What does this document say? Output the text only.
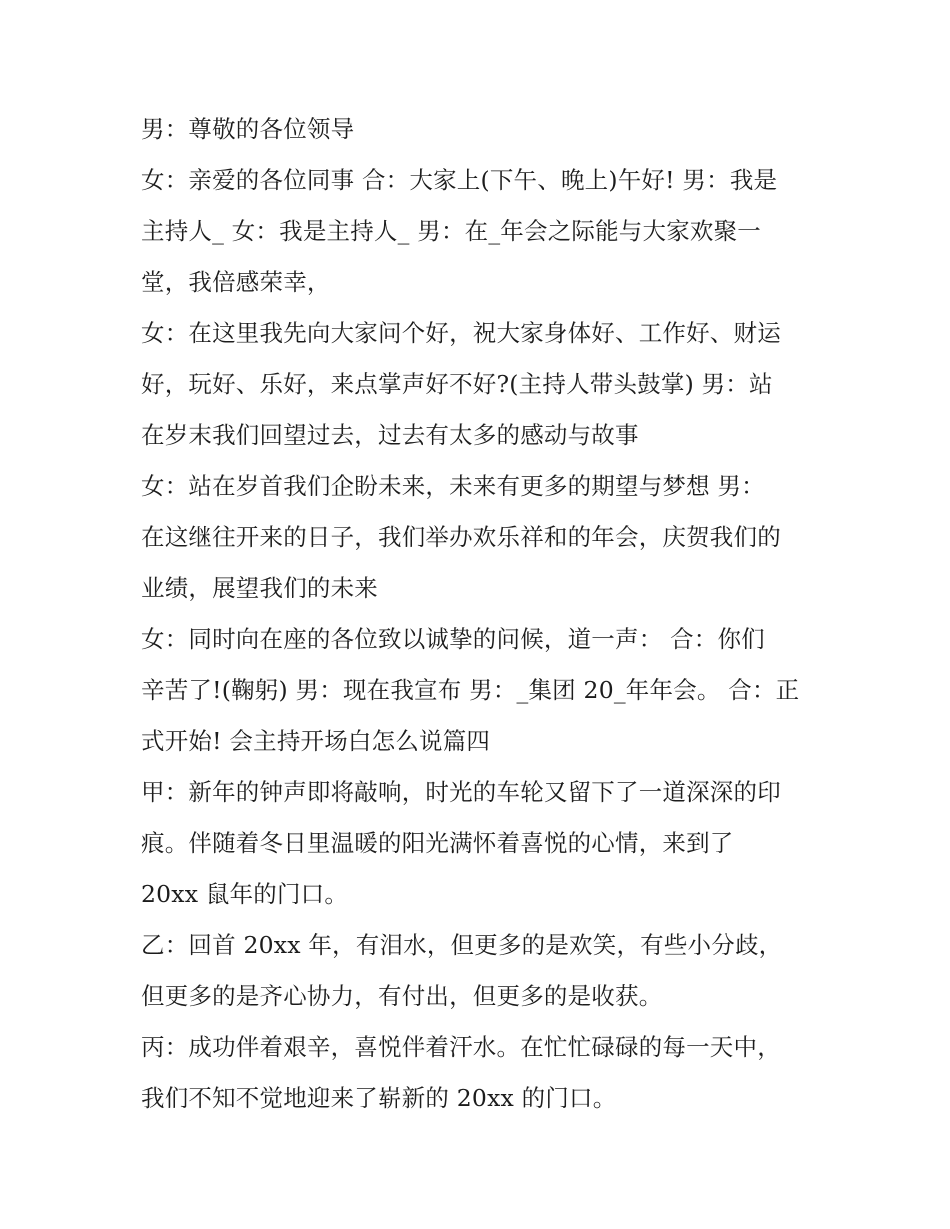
男：尊敬的各位领导
女：亲爱的各位同事 合：大家上(下午、晚上)午好! 男：我是
主持人_ 女：我是主持人_ 男：在_年会之际能与大家欢聚一
堂，我倍感荣幸，
女：在这里我先向大家问个好，祝大家身体好、工作好、财运
好，玩好、乐好，来点掌声好不好?(主持人带头鼓掌) 男：站
在岁末我们回望过去，过去有太多的感动与故事
女：站在岁首我们企盼未来，未来有更多的期望与梦想 男：
在这继往开来的日子，我们举办欢乐祥和的年会，庆贺我们的
业绩，展望我们的未来
女：同时向在座的各位致以诚挚的问候，道一声： 合：你们
辛苦了!(鞠躬) 男：现在我宣布 男：_集团 20_年年会。 合：正
式开始! 会主持开场白怎么说篇四
甲：新年的钟声即将敲响，时光的车轮又留下了一道深深的印
痕。伴随着冬日里温暖的阳光满怀着喜悦的心情，来到了
20xx 鼠年的门口。
乙：回首 20xx 年，有泪水，但更多的是欢笑，有些小分歧，
但更多的是齐心协力，有付出，但更多的是收获。
丙：成功伴着艰辛，喜悦伴着汗水。在忙忙碌碌的每一天中，
我们不知不觉地迎来了崭新的 20xx 的门口。
